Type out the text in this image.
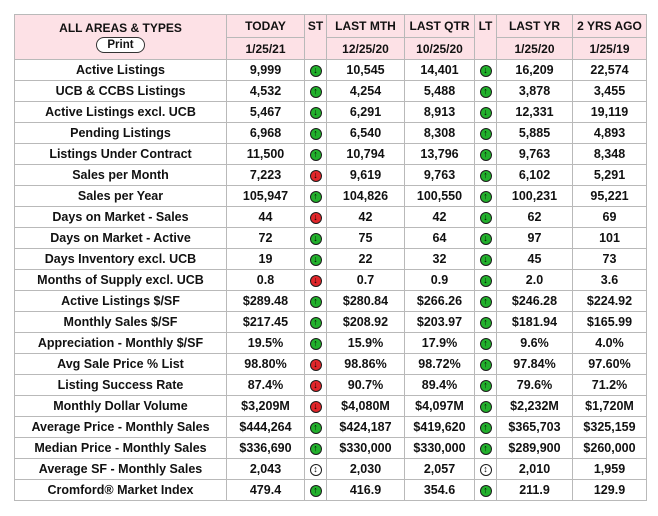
ALL AREAS & TYPES
Print	TODAY	ST	LAST MTH	LAST QTR	LT	LAST YR	2 YRS AGO
	1/25/21		12/25/20	10/25/20		1/25/20	1/25/19
Active Listings	9,999	↓	10,545	14,401	↓	16,209	22,574
UCB & CCBS Listings	4,532	↑	4,254	5,488	↑	3,878	3,455
Active Listings excl. UCB	5,467	↓	6,291	8,913	↓	12,331	19,119
Pending Listings	6,968	↑	6,540	8,308	↑	5,885	4,893
Listings Under Contract	11,500	↑	10,794	13,796	↑	9,763	8,348
Sales per Month	7,223	↓	9,619	9,763	↑	6,102	5,291
Sales per Year	105,947	↑	104,826	100,550	↑	100,231	95,221
Days on Market - Sales	44	↓	42	42	↓	62	69
Days on Market - Active	72	↓	75	64	↓	97	101
Days Inventory excl. UCB	19	↓	22	32	↓	45	73
Months of Supply excl. UCB	0.8	↓	0.7	0.9	↓	2.0	3.6
Active Listings $/SF	$289.48	↑	$280.84	$266.26	↑	$246.28	$224.92
Monthly Sales $/SF	$217.45	↑	$208.92	$203.97	↑	$181.94	$165.99
Appreciation - Monthly $/SF	19.5%	↑	15.9%	17.9%	↑	9.6%	4.0%
Avg Sale Price % List	98.80%	↓	98.86%	98.72%	↑	97.84%	97.60%
Listing Success Rate	87.4%	↓	90.7%	89.4%	↑	79.6%	71.2%
Monthly Dollar Volume	$3,209M	↓	$4,080M	$4,097M	↑	$2,232M	$1,720M
Average Price - Monthly Sales	$444,264	↑	$424,187	$419,620	↑	$365,703	$325,159
Median Price - Monthly Sales	$336,690	↑	$330,000	$330,000	↑	$289,900	$260,000
Average SF - Monthly Sales	2,043	↕	2,030	2,057	↕	2,010	1,959
Cromford® Market Index	479.4	↑	416.9	354.6	↑	211.9	129.9
